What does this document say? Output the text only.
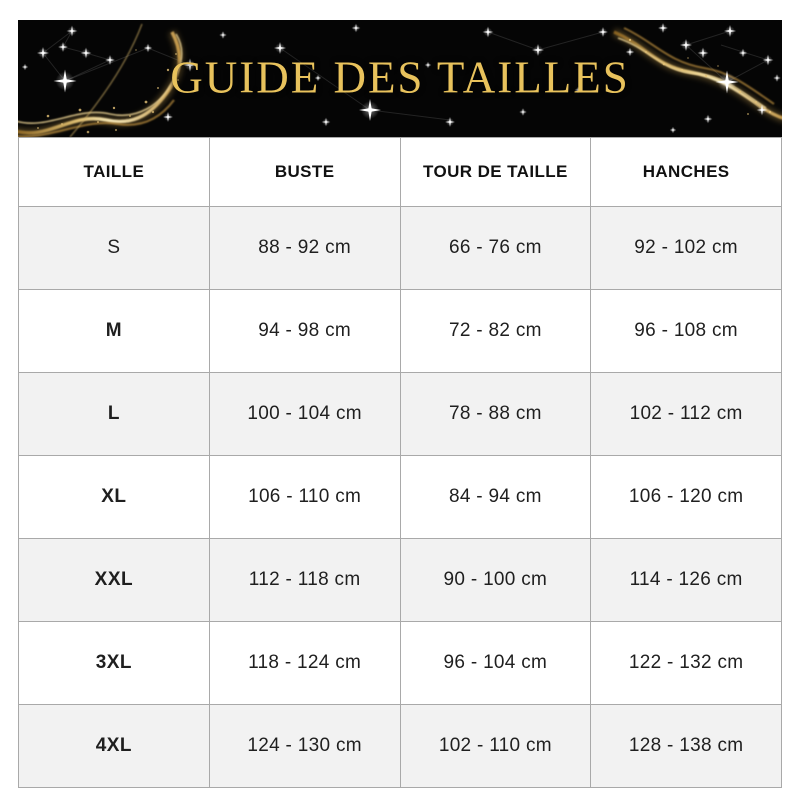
GUIDE DES TAILLES
TAILLE	BUSTE	TOUR DE TAILLE	HANCHES
S	88 - 92 cm	66 - 76 cm	92 - 102 cm
M	94 - 98 cm	72 - 82 cm	96 - 108 cm
L	100 - 104 cm	78 - 88 cm	102 - 112 cm
XL	106 - 110 cm	84 - 94 cm	106 - 120 cm
XXL	112 - 118 cm	90 - 100 cm	114 - 126 cm
3XL	118 - 124 cm	96 - 104 cm	122 - 132 cm
4XL	124 - 130 cm	102 - 110 cm	128 - 138 cm
